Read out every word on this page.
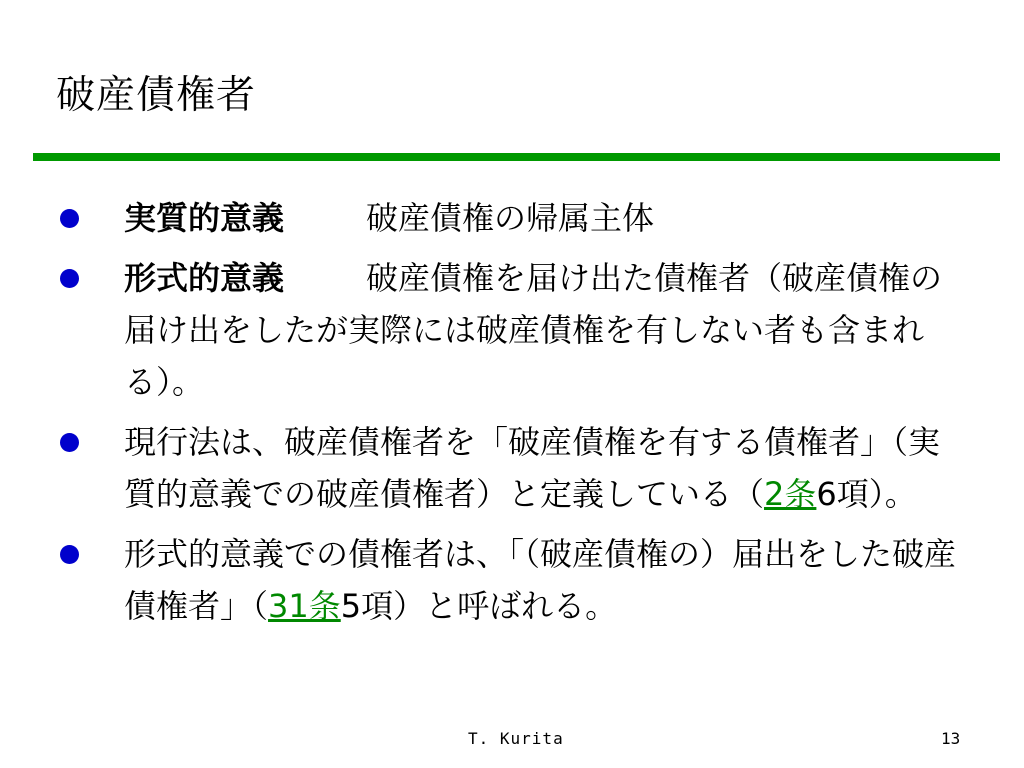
破産債権者
実質的意義	破産債権の帰属主体
形式的意義	破産債権を届け出た債権者（破産債権の届け出をしたが実際には破産債権を有しない者も含まれる）。
現行法は、破産債権者を「破産債権を有する債権者」（実質的意義での破産債権者）と定義している（2条6項）。
形式的意義での債権者は、「（破産債権の）届出をした破産債権者」（31条5項）と呼ばれる。
T. Kurita	13
